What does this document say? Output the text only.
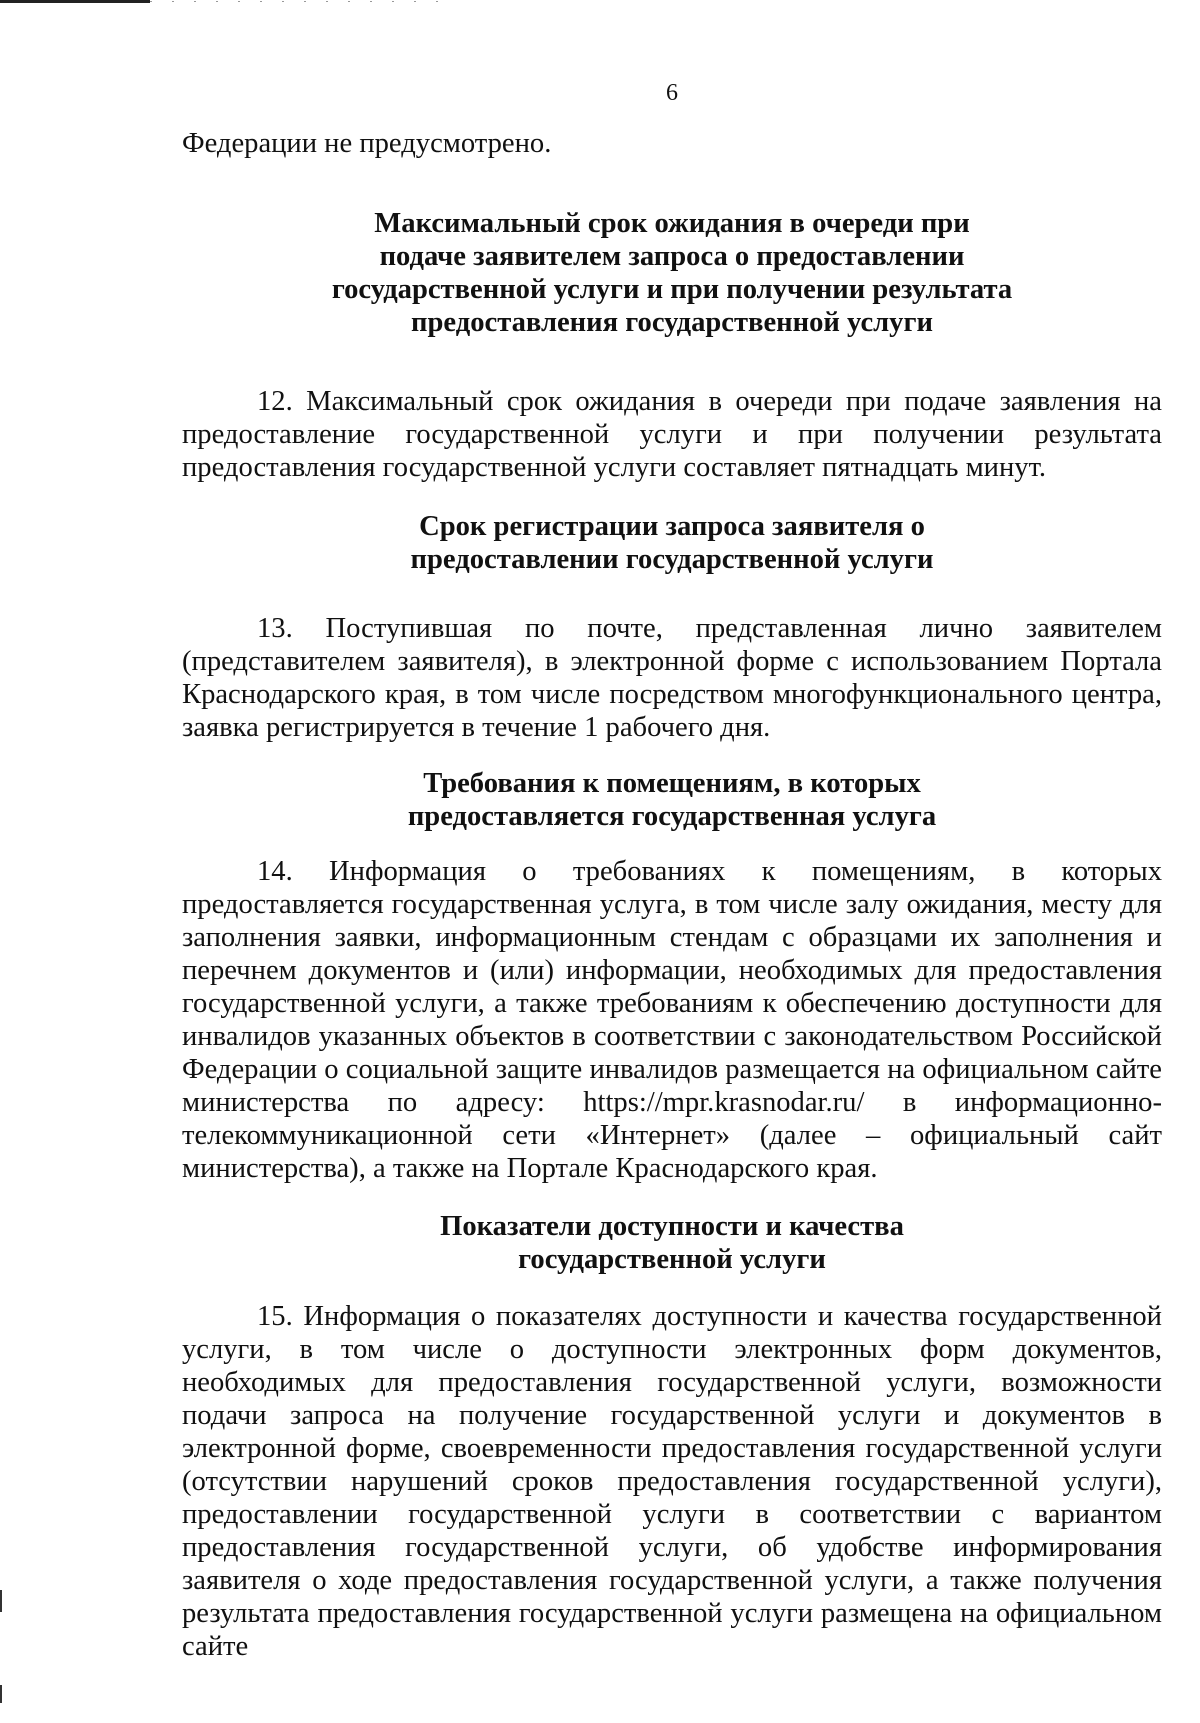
6

Федерации не предусмотрено.

Максимальный срок ожидания в очереди при
подаче заявителем запроса о предоставлении
государственной услуги и при получении результата
предоставления государственной услуги

12. Максимальный срок ожидания в очереди при подаче заявления на предоставление государственной услуги и при получении результата предоставления государственной услуги составляет пятнадцать минут.

Срок регистрации запроса заявителя о
предоставлении государственной услуги

13. Поступившая по почте, представленная лично заявителем (представителем заявителя), в электронной форме с использованием Портала Краснодарского края, в том числе посредством многофункционального центра, заявка регистрируется в течение 1 рабочего дня.

Требования к помещениям, в которых
предоставляется государственная услуга

14. Информация о требованиях к помещениям, в которых предоставляется государственная услуга, в том числе залу ожидания, месту для заполнения заявки, информационным стендам с образцами их заполнения и перечнем документов и (или) информации, необходимых для предоставления государственной услуги, а также требованиям к обеспечению доступности для инвалидов указанных объектов в соответствии с законодательством Российской Федерации о социальной защите инвалидов размещается на официальном сайте министерства по адресу: https://mpr.krasnodar.ru/ в информационно-телекоммуникационной сети «Интернет» (далее – официальный сайт министерства), а также на Портале Краснодарского края.

Показатели доступности и качества
государственной услуги

15. Информация о показателях доступности и качества государственной услуги, в том числе о доступности электронных форм документов, необходимых для предоставления государственной услуги, возможности подачи запроса на получение государственной услуги и документов в электронной форме, своевременности предоставления государственной услуги (отсутствии нарушений сроков предоставления государственной услуги), предоставлении государственной услуги в соответствии с вариантом предоставления государственной услуги, об удобстве информирования заявителя о ходе предоставления государственной услуги, а также получения результата предоставления государственной услуги размещена на официальном сайте
